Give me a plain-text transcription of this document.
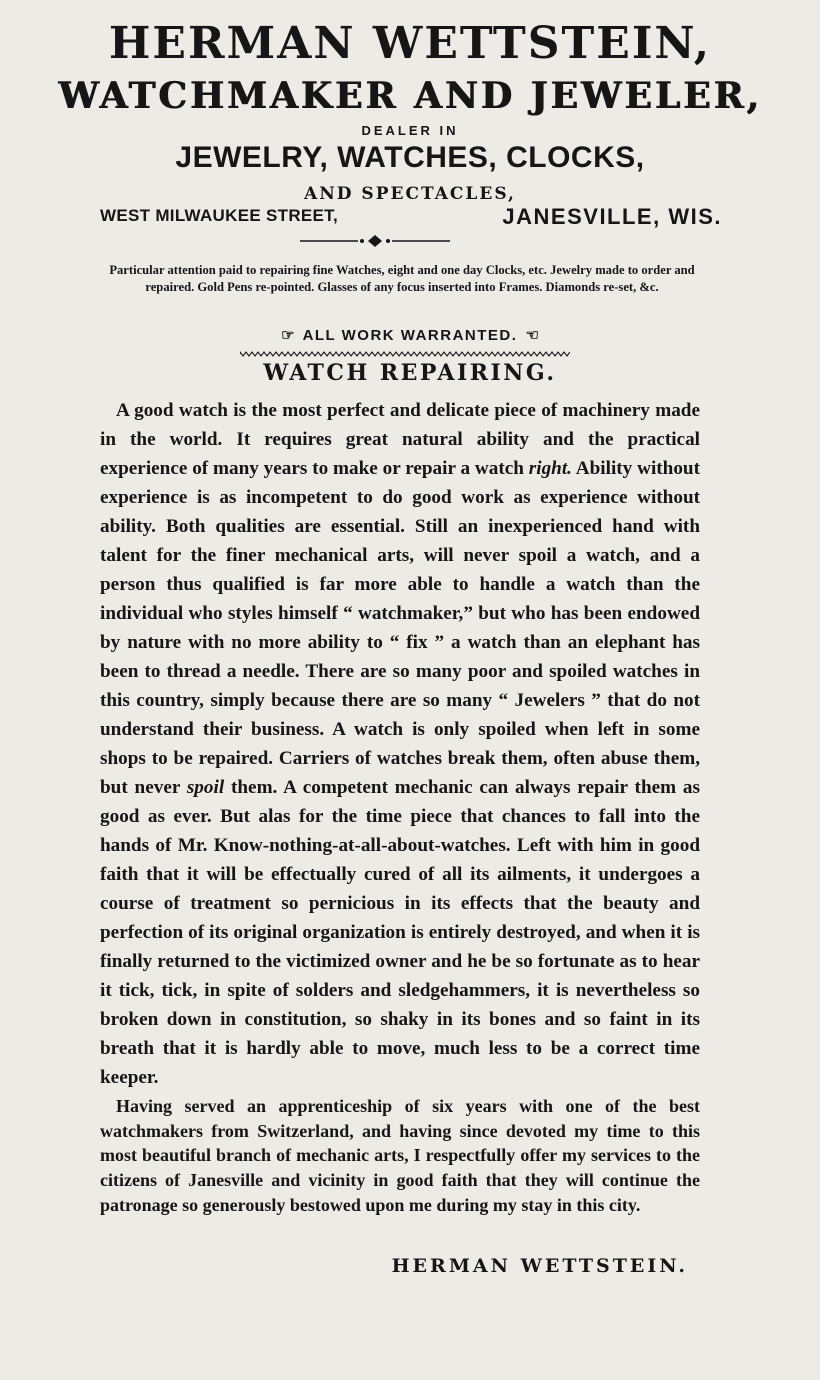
HERMAN WETTSTEIN,
WATCHMAKER AND JEWELER,
DEALER IN
JEWELRY, WATCHES, CLOCKS,
AND SPECTACLES,
WEST MILWAUKEE STREET,	JANESVILLE, WIS.
Particular attention paid to repairing fine Watches, eight and one day Clocks, etc. Jewelry made to order and repaired. Gold Pens re-pointed. Glasses of any focus inserted into Frames. Diamonds re-set, &c.
☞ ALL WORK WARRANTED. ☜
WATCH REPAIRING.

A good watch is the most perfect and delicate piece of machinery made in the world. It requires great natural ability and the practical experience of many years to make or repair a watch right. Ability without experience is as incompetent to do good work as experience without ability. Both qualities are essential. Still an inexperienced hand with talent for the finer mechanical arts, will never spoil a watch, and a person thus qualified is far more able to handle a watch than the individual who styles himself “ watchmaker,” but who has been endowed by nature with no more ability to “ fix ” a watch than an elephant has been to thread a needle. There are so many poor and spoiled watches in this country, simply because there are so many “ Jewelers ” that do not understand their business. A watch is only spoiled when left in some shops to be repaired. Carriers of watches break them, often abuse them, but never spoil them. A competent mechanic can always repair them as good as ever. But alas for the time piece that chances to fall into the hands of Mr. Know-nothing-at-all-about-watches. Left with him in good faith that it will be effectually cured of all its ailments, it undergoes a course of treatment so pernicious in its effects that the beauty and perfection of its original organization is entirely destroyed, and when it is finally returned to the victimized owner and he be so fortunate as to hear it tick, tick, in spite of solders and sledgehammers, it is nevertheless so broken down in constitution, so shaky in its bones and so faint in its breath that it is hardly able to move, much less to be a correct time keeper.

Having served an apprenticeship of six years with one of the best watchmakers from Switzerland, and having since devoted my time to this most beautiful branch of mechanic arts, I respectfully offer my services to the citizens of Janesville and vicinity in good faith that they will continue the patronage so generously bestowed upon me during my stay in this city.

HERMAN WETTSTEIN.
